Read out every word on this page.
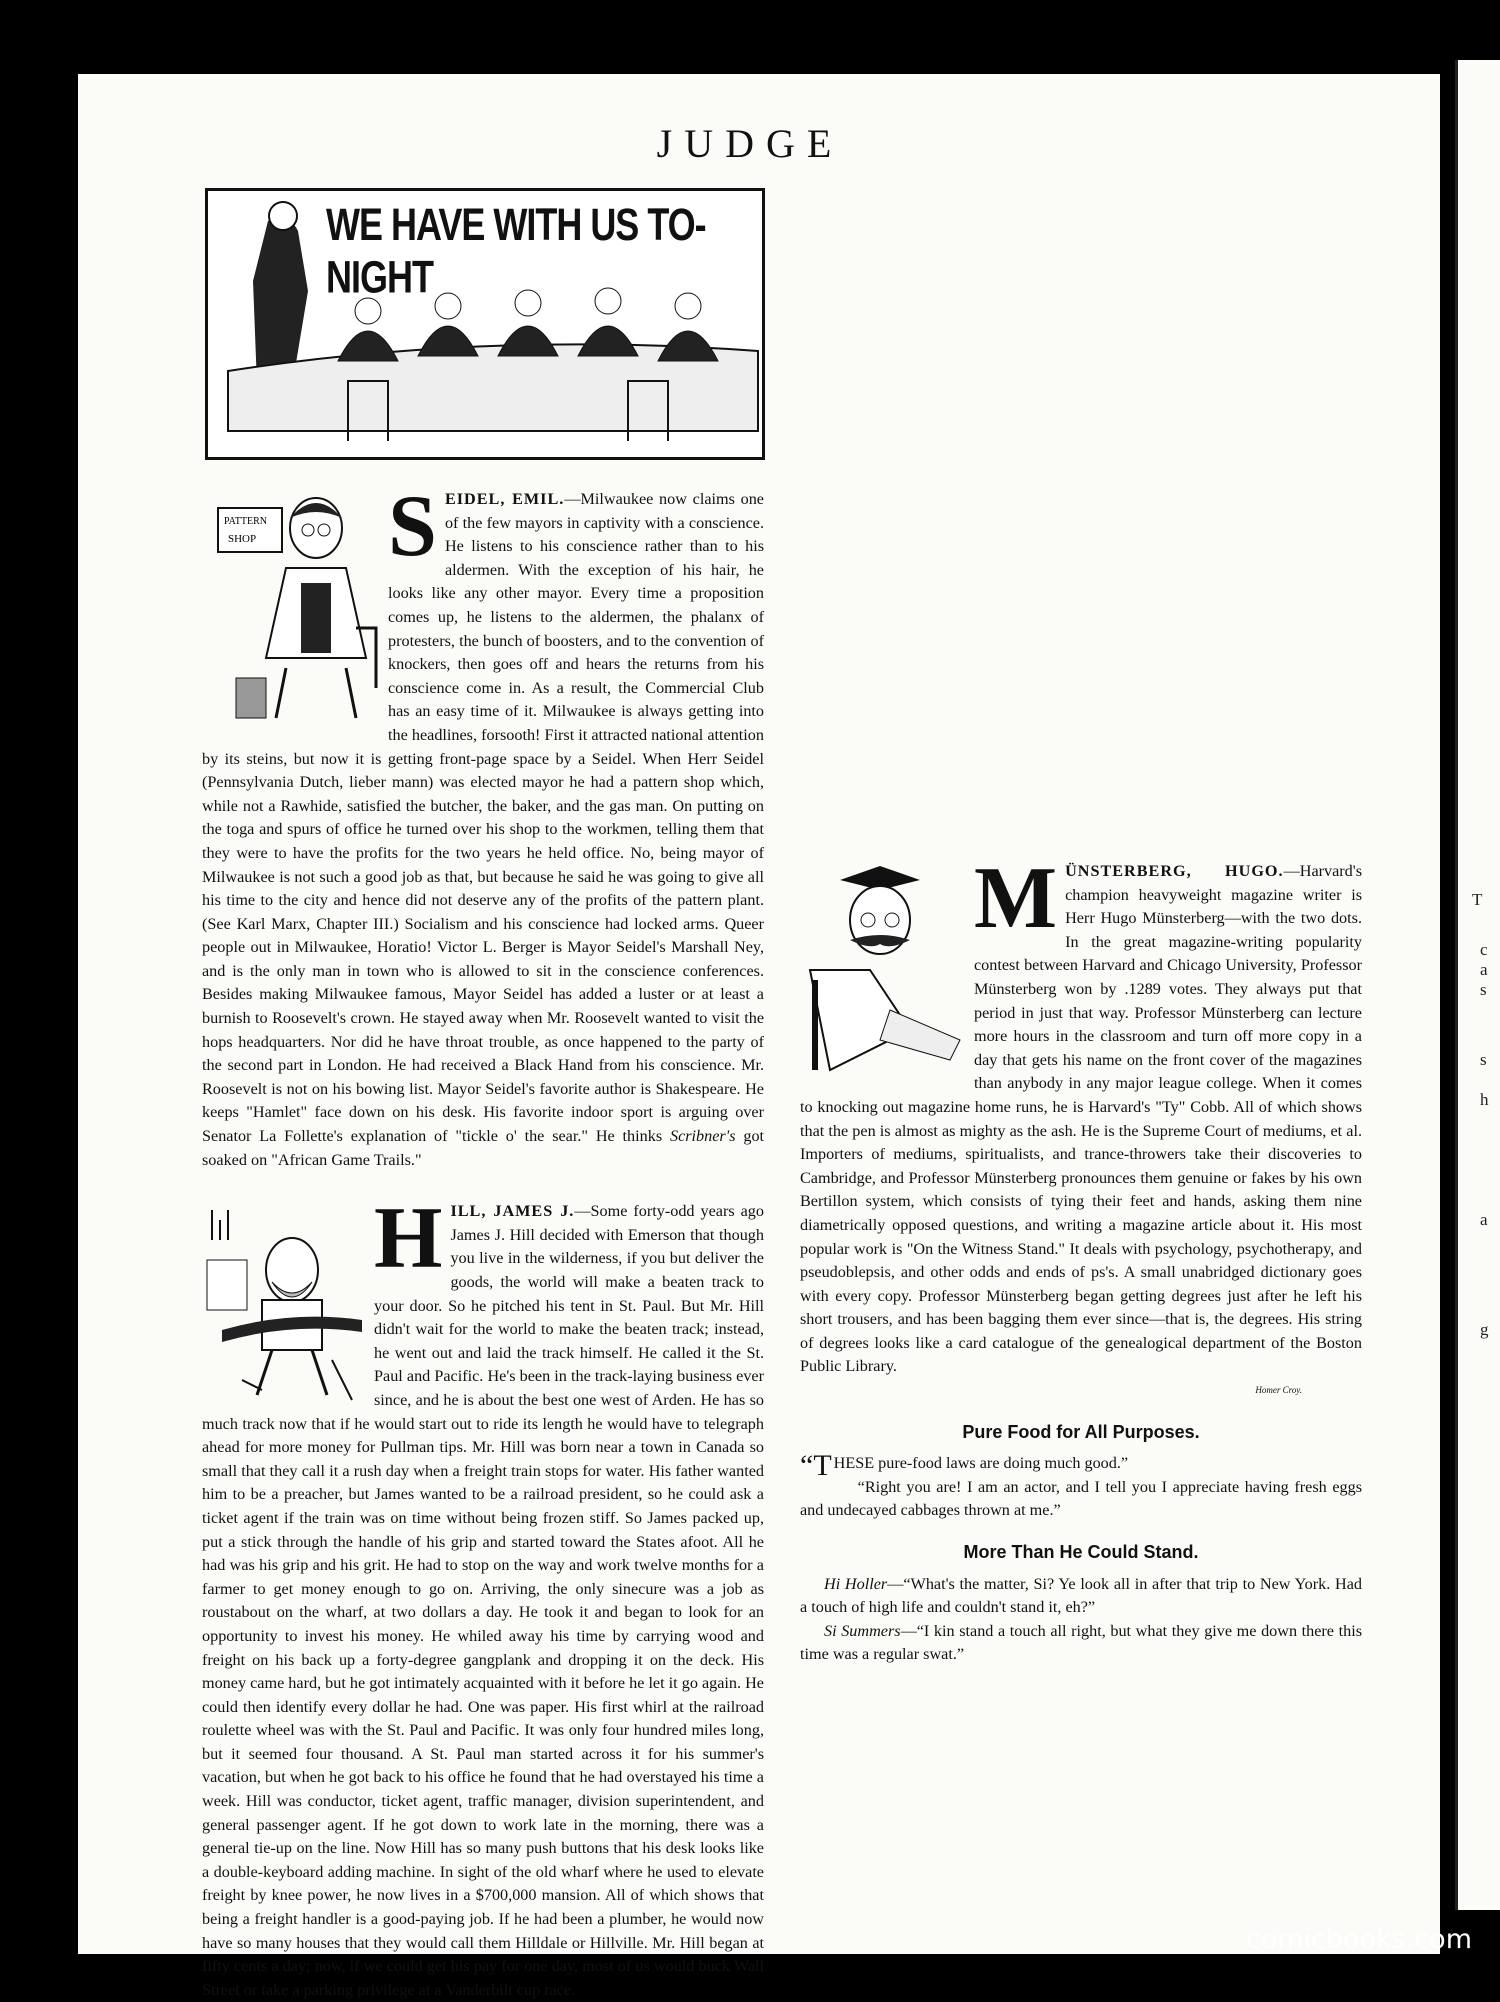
T
c
a
s
s
h
a
g
JUDGE
WE HAVE WITH US TO-NIGHT
PATTERN
SHOP S EIDEL, EMIL.—Milwaukee now claims one of the few mayors in captivity with a conscience. He listens to his conscience rather than to his aldermen. With the exception of his hair, he looks like any other mayor. Every time a proposition comes up, he listens to the aldermen, the phalanx of protesters, the bunch of boosters, and to the convention of knockers, then goes off and hears the returns from his conscience come in. As a result, the Commercial Club has an easy time of it. Milwaukee is always getting into the headlines, forsooth! First it attracted national attention by its steins, but now it is getting front-page space by a Seidel. When Herr Seidel (Pennsylvania Dutch, lieber mann) was elected mayor he had a pattern shop which, while not a Rawhide, satisfied the butcher, the baker, and the gas man. On putting on the toga and spurs of office he turned over his shop to the workmen, telling them that they were to have the profits for the two years he held office. No, being mayor of Milwaukee is not such a good job as that, but because he said he was going to give all his time to the city and hence did not deserve any of the profits of the pattern plant. (See Karl Marx, Chapter III.) Socialism and his conscience had locked arms. Queer people out in Milwaukee, Horatio! Victor L. Berger is Mayor Seidel's Marshall Ney, and is the only man in town who is allowed to sit in the conscience conferences. Besides making Milwaukee famous, Mayor Seidel has added a luster or at least a burnish to Roosevelt's crown. He stayed away when Mr. Roosevelt wanted to visit the hops headquarters. Nor did he have throat trouble, as once happened to the party of the second part in London. He had received a Black Hand from his conscience. Mr. Roosevelt is not on his bowing list. Mayor Seidel's favorite author is Shakespeare. He keeps "Hamlet" face down on his desk. His favorite indoor sport is arguing over Senator La Follette's explanation of "tickle o' the sear." He thinks Scribner's got soaked on "African Game Trails."

H ILL, JAMES J.—Some forty-odd years ago James J. Hill decided with Emerson that though you live in the wilderness, if you but deliver the goods, the world will make a beaten track to your door. So he pitched his tent in St. Paul. But Mr. Hill didn't wait for the world to make the beaten track; instead, he went out and laid the track himself. He called it the St. Paul and Pacific. He's been in the track-laying business ever since, and he is about the best one west of Arden. He has so much track now that if he would start out to ride its length he would have to telegraph ahead for more money for Pullman tips. Mr. Hill was born near a town in Canada so small that they call it a rush day when a freight train stops for water. His father wanted him to be a preacher, but James wanted to be a railroad president, so he could ask a ticket agent if the train was on time without being frozen stiff. So James packed up, put a stick through the handle of his grip and started toward the States afoot. All he had was his grip and his grit. He had to stop on the way and work twelve months for a farmer to get money enough to go on. Arriving, the only sinecure was a job as roustabout on the wharf, at two dollars a day. He took it and began to look for an opportunity to invest his money. He whiled away his time by carrying wood and freight on his back up a forty-degree gangplank and dropping it on the deck. His money came hard, but he got intimately acquainted with it before he let it go again. He could then identify every dollar he had. One was paper. His first whirl at the railroad roulette wheel was with the St. Paul and Pacific. It was only four hundred miles long, but it seemed four thousand. A St. Paul man started across it for his summer's vacation, but when he got back to his office he found that he had overstayed his time a week. Hill was conductor, ticket agent, traffic manager, division superintendent, and general passenger agent. If he got down to work late in the morning, there was a general tie-up on the line. Now Hill has so many push buttons that his desk looks like a double-keyboard adding machine. In sight of the old wharf where he used to elevate freight by knee power, he now lives in a $700,000 mansion. All of which shows that being a freight handler is a good-paying job. If he had been a plumber, he would now have so many houses that they would call them Hilldale or Hillville. Mr. Hill began at fifty cents a day; now, if we could get his pay for one day, most of us would buck Wall Street or take a parking privilege at a Vanderbilt cup race.

M ÜNSTERBERG, HUGO.—Harvard's champion heavyweight magazine writer is Herr Hugo Münsterberg—with the two dots. In the great magazine-writing popularity contest between Harvard and Chicago University, Professor Münsterberg won by .1289 votes. They always put that period in just that way. Professor Münsterberg can lecture more hours in the classroom and turn off more copy in a day that gets his name on the front cover of the magazines than anybody in any major league college. When it comes to knocking out magazine home runs, he is Harvard's "Ty" Cobb. All of which shows that the pen is almost as mighty as the ash. He is the Supreme Court of mediums, et al. Importers of mediums, spiritualists, and trance-throwers take their discoveries to Cambridge, and Professor Münsterberg pronounces them genuine or fakes by his own Bertillon system, which consists of tying their feet and hands, asking them nine diametrically opposed questions, and writing a magazine article about it. His most popular work is "On the Witness Stand." It deals with psychology, psychotherapy, and pseudoblepsis, and other odds and ends of ps's. A small unabridged dictionary goes with every copy. Professor Münsterberg began getting degrees just after he left his short trousers, and has been bagging them ever since—that is, the degrees. His string of degrees looks like a card catalogue of the genealogical department of the Boston Public Library.

Homer Croy.
Pure Food for All Purposes.

“THESE pure-food laws are doing much good.”

“Right you are! I am an actor, and I tell you I appreciate having fresh eggs and undecayed cabbages thrown at me.”

More Than He Could Stand.

Hi Holler—“What's the matter, Si? Ye look all in after that trip to New York. Had a touch of high life and couldn't stand it, eh?”

Si Summers—“I kin stand a touch all right, but what they give me down there this time was a regular swat.”

comicbooks.com
